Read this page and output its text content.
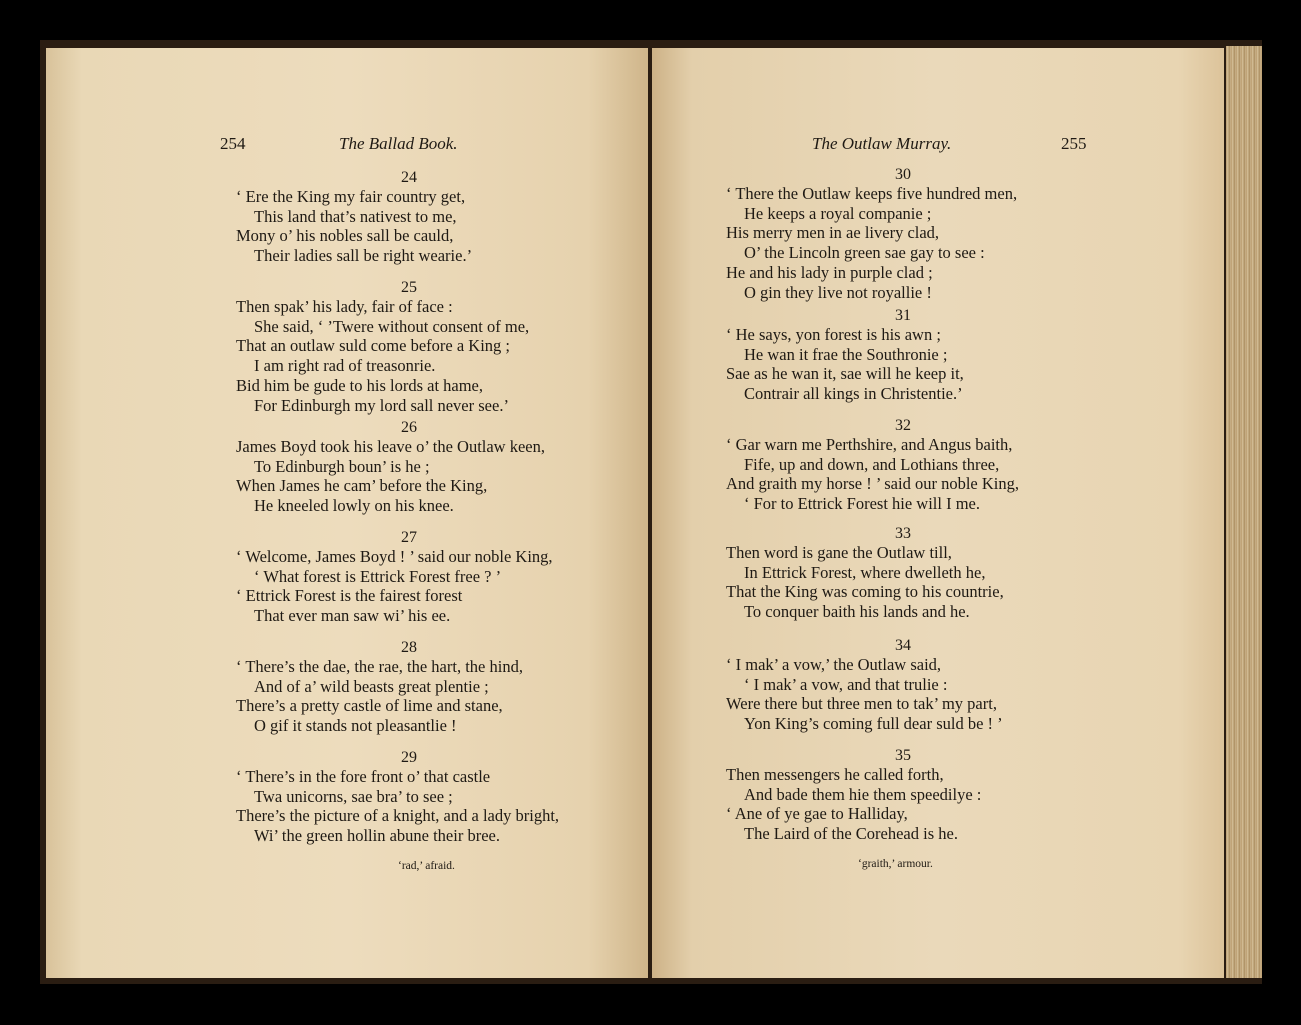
254	The Ballad Book.
24
‘ Ere the King my fair country get,
This land that’s nativest to me,
Mony o’ his nobles sall be cauld,
Their ladies sall be right wearie.’
25
Then spak’ his lady, fair of face :
She said, ‘ ’Twere without consent of me,
That an outlaw suld come before a King ;
I am right rad of treasonrie.
Bid him be gude to his lords at hame,
For Edinburgh my lord sall never see.’
26
James Boyd took his leave o’ the Outlaw keen,
To Edinburgh boun’ is he ;
When James he cam’ before the King,
He kneeled lowly on his knee.
27
‘ Welcome, James Boyd ! ’ said our noble King,
‘ What forest is Ettrick Forest free ? ’
‘ Ettrick Forest is the fairest forest
That ever man saw wi’ his ee.
28
‘ There’s the dae, the rae, the hart, the hind,
And of a’ wild beasts great plentie ;
There’s a pretty castle of lime and stane,
O gif it stands not pleasantlie !
29
‘ There’s in the fore front o’ that castle
Twa unicorns, sae bra’ to see ;
There’s the picture of a knight, and a lady bright,
Wi’ the green hollin abune their bree.
‘rad,’ afraid.
The Outlaw Murray.	255
30
‘ There the Outlaw keeps five hundred men,
He keeps a royal companie ;
His merry men in ae livery clad,
O’ the Lincoln green sae gay to see :
He and his lady in purple clad ;
O gin they live not royallie !
31
‘ He says, yon forest is his awn ;
He wan it frae the Southronie ;
Sae as he wan it, sae will he keep it,
Contrair all kings in Christentie.’
32
‘ Gar warn me Perthshire, and Angus baith,
Fife, up and down, and Lothians three,
And graith my horse ! ’ said our noble King,
‘ For to Ettrick Forest hie will I me.
33
Then word is gane the Outlaw till,
In Ettrick Forest, where dwelleth he,
That the King was coming to his countrie,
To conquer baith his lands and he.
34
‘ I mak’ a vow,’ the Outlaw said,
‘ I mak’ a vow, and that trulie :
Were there but three men to tak’ my part,
Yon King’s coming full dear suld be ! ’
35
Then messengers he called forth,
And bade them hie them speedilye :
‘ Ane of ye gae to Halliday,
The Laird of the Corehead is he.
‘graith,’ armour.
